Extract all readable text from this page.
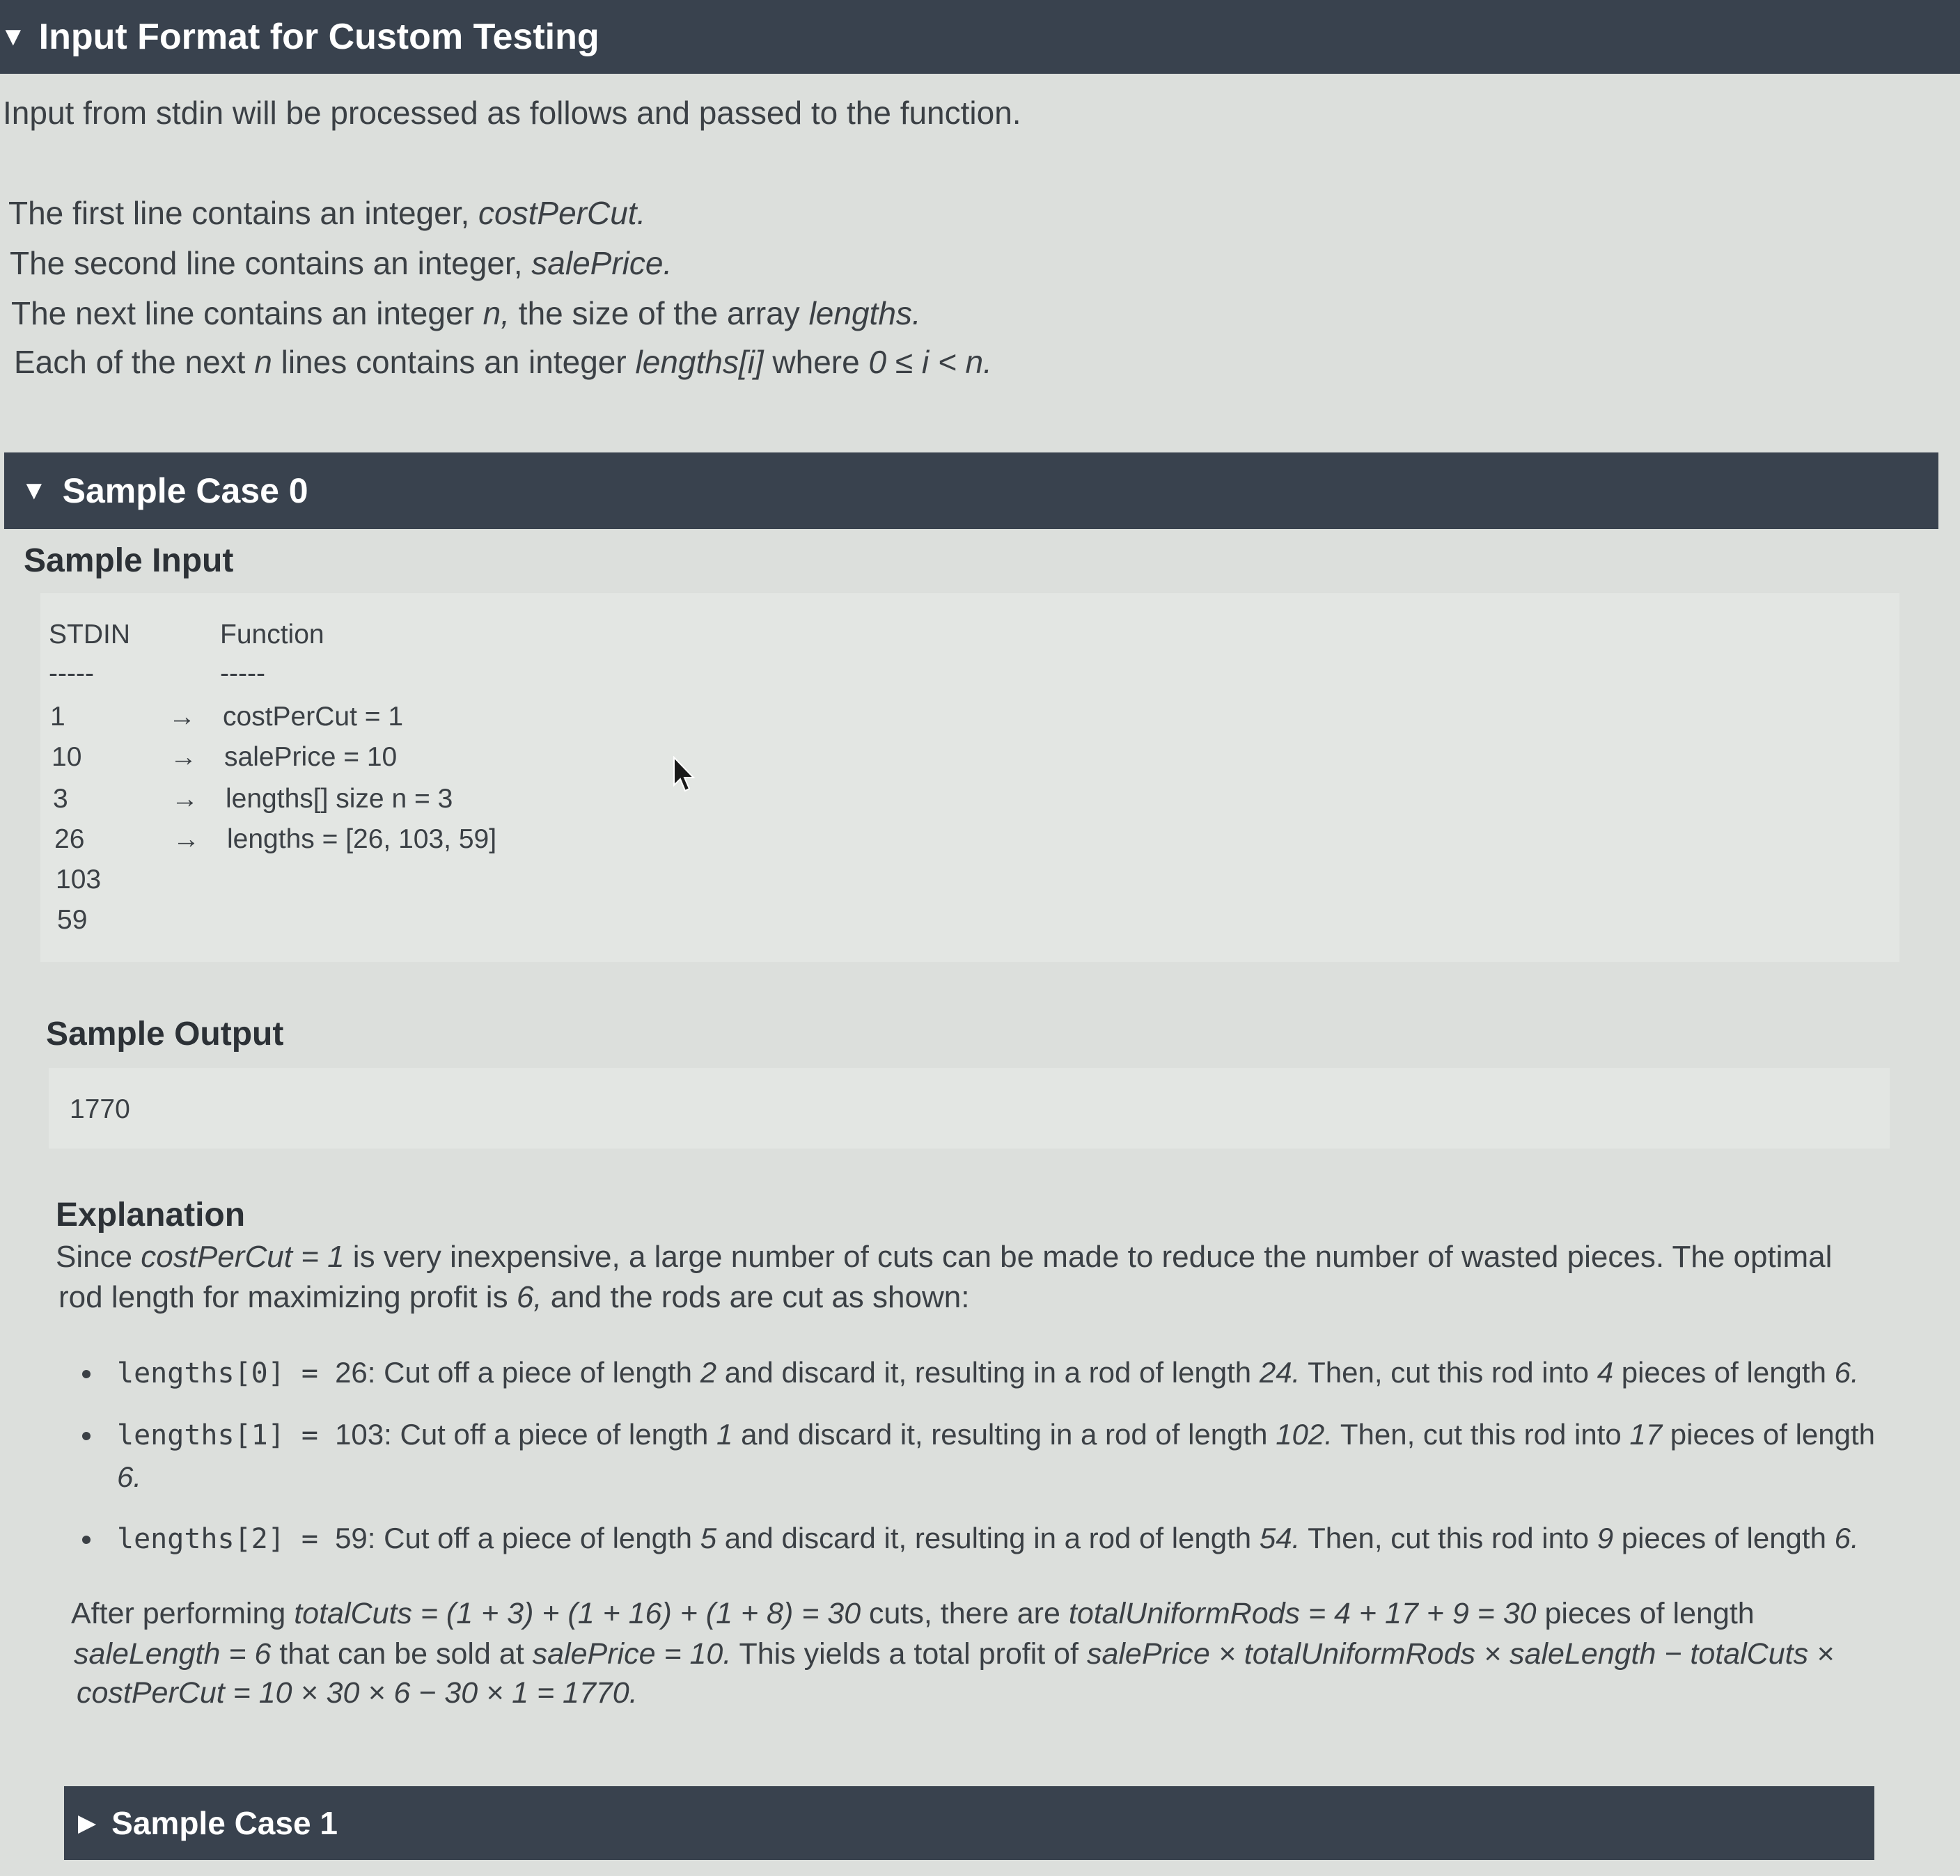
▼ Input Format for Custom Testing
Input from stdin will be processed as follows and passed to the function.
The first line contains an integer, costPerCut.
The second line contains an integer, salePrice.
The next line contains an integer n, the size of the array lengths.
Each of the next n lines contains an integer lengths[i] where 0 ≤ i < n.
▼ Sample Case 0
Sample Input
STDIN	Function
-----	-----
1	→ costPerCut = 1
10	→ salePrice = 10
3	→ lengths[] size n = 3
26	→ lengths = [26, 103, 59]
103
59
Sample Output
1770
Explanation
Since costPerCut = 1 is very inexpensive, a large number of cuts can be made to reduce the number of wasted pieces. The optimal
rod length for maximizing profit is 6, and the rods are cut as shown:
lengths[0] = 26: Cut off a piece of length 2 and discard it, resulting in a rod of length 24. Then, cut this rod into 4 pieces of length 6.
lengths[1] = 103: Cut off a piece of length 1 and discard it, resulting in a rod of length 102. Then, cut this rod into 17 pieces of length 6.
lengths[2] = 59: Cut off a piece of length 5 and discard it, resulting in a rod of length 54. Then, cut this rod into 9 pieces of length 6.
After performing totalCuts = (1 + 3) + (1 + 16) + (1 + 8) = 30 cuts, there are totalUniformRods = 4 + 17 + 9 = 30 pieces of length
saleLength = 6 that can be sold at salePrice = 10. This yields a total profit of salePrice × totalUniformRods × saleLength − totalCuts ×
costPerCut = 10 × 30 × 6 − 30 × 1 = 1770.
▶ Sample Case 1
